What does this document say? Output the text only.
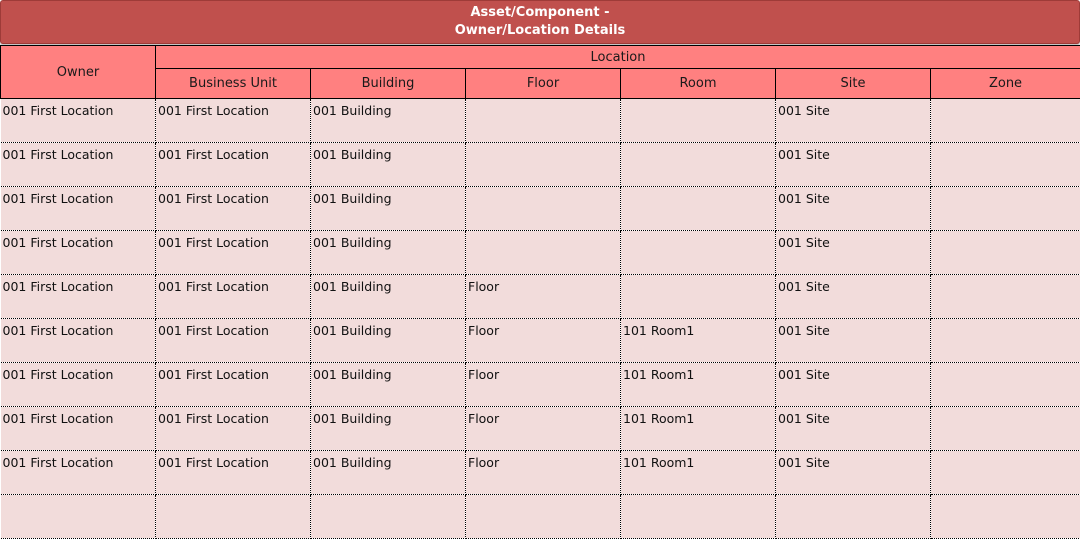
Asset/Component -
Owner/Location Details
Owner	Location					
	Business Unit	Building	Floor	Room	Site	Zone
001 First Location	001 First Location	001 Building			001 Site	
001 First Location	001 First Location	001 Building			001 Site	
001 First Location	001 First Location	001 Building			001 Site	
001 First Location	001 First Location	001 Building			001 Site	
001 First Location	001 First Location	001 Building	Floor		001 Site	
001 First Location	001 First Location	001 Building	Floor	101 Room1	001 Site	
001 First Location	001 First Location	001 Building	Floor	101 Room1	001 Site	
001 First Location	001 First Location	001 Building	Floor	101 Room1	001 Site	
001 First Location	001 First Location	001 Building	Floor	101 Room1	001 Site	
